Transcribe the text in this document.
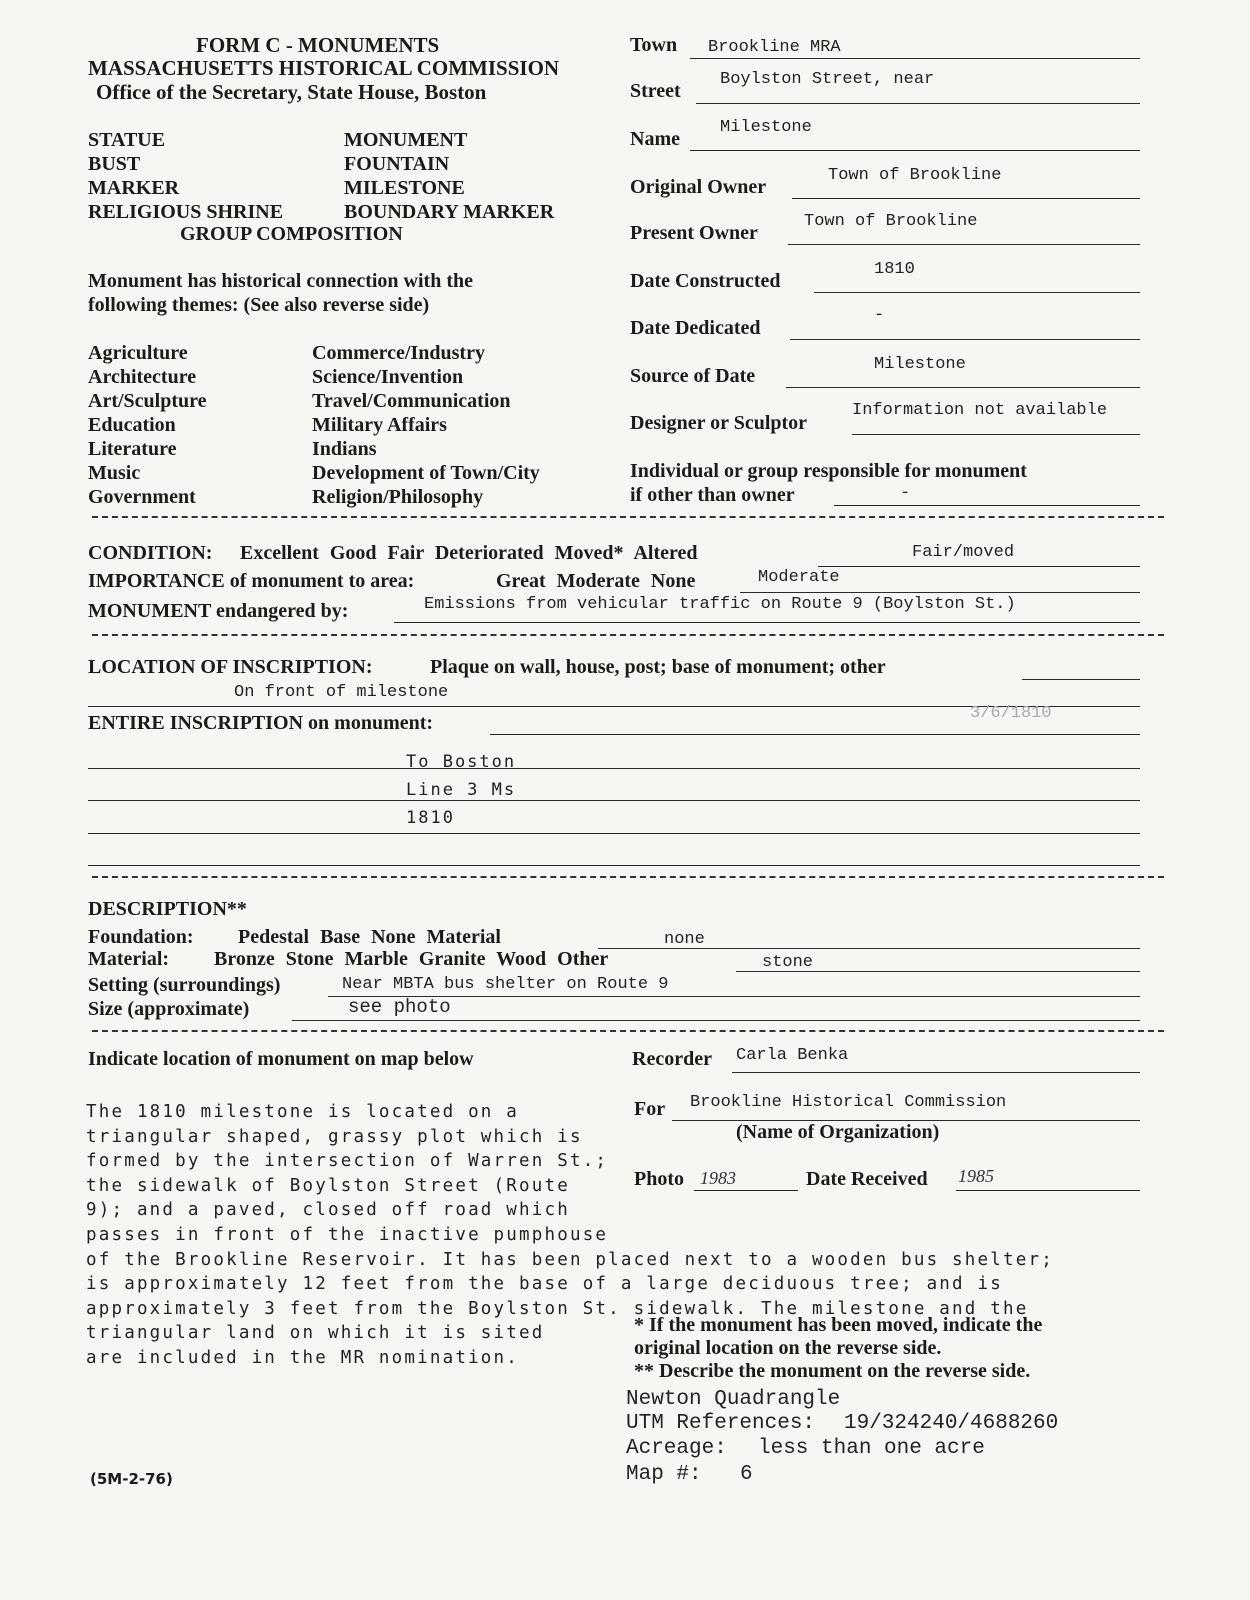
FORM C - MONUMENTS
MASSACHUSETTS HISTORICAL COMMISSION
Office of the Secretary, State House, Boston
STATUE
BUST
MARKER
RELIGIOUS SHRINE
MONUMENT
FOUNTAIN
MILESTONE
BOUNDARY MARKER
GROUP COMPOSITION
Monument has historical connection with the
following themes: (See also reverse side)
Agriculture
Architecture
Art/Sculpture
Education
Literature
Music
Government
Commerce/Industry
Science/Invention
Travel/Communication
Military Affairs
Indians
Development of Town/City
Religion/Philosophy
Town Brookline MRA
Street
Boylston Street, near
Name
Milestone
Original Owner
Town of Brookline
Present Owner
Town of Brookline
Date Constructed
1810
Date Dedicated
-
Source of Date
Milestone
Designer or Sculptor
Information not available
Individual or group responsible for monument
if other than owner	-
CONDITION: Excellent Good Fair Deteriorated Moved* Altered	Fair/moved
IMPORTANCE of monument to area:	Great Moderate None	Moderate
MONUMENT endangered by:	Emissions from vehicular traffic on Route 9 (Boylston St.)
LOCATION OF INSCRIPTION:	Plaque on wall, house, post; base of monument; other
On front of milestone
ENTIRE INSCRIPTION on monument:	3/6/1810
To Boston
Line 3 Ms
1810
DESCRIPTION**
Foundation: Pedestal Base None Material	none
Material: Bronze Stone Marble Granite Wood Other	stone
Setting (surroundings)	Near MBTA bus shelter on Route 9
Size (approximate)	see photo
Indicate location of monument on map below
The 1810 milestone is located on a
triangular shaped, grassy plot which is
formed by the intersection of Warren St.;
the sidewalk of Boylston Street (Route
9); and a paved, closed off road which
passes in front of the inactive pumphouse
of the Brookline Reservoir. It has been placed next to a wooden bus shelter;
is approximately 12 feet from the base of a large deciduous tree; and is
approximately 3 feet from the Boylston St. sidewalk. The milestone and the
triangular land on which it is sited
are included in the MR nomination.
Recorder Carla Benka
For Brookline Historical Commission
(Name of Organization)
Photo 1983	Date Received 1985
* If the monument has been moved, indicate the
original location on the reverse side.
** Describe the monument on the reverse side.
Newton Quadrangle
UTM References: 19/324240/4688260
Acreage: less than one acre
Map #: 6
(5M-2-76)
